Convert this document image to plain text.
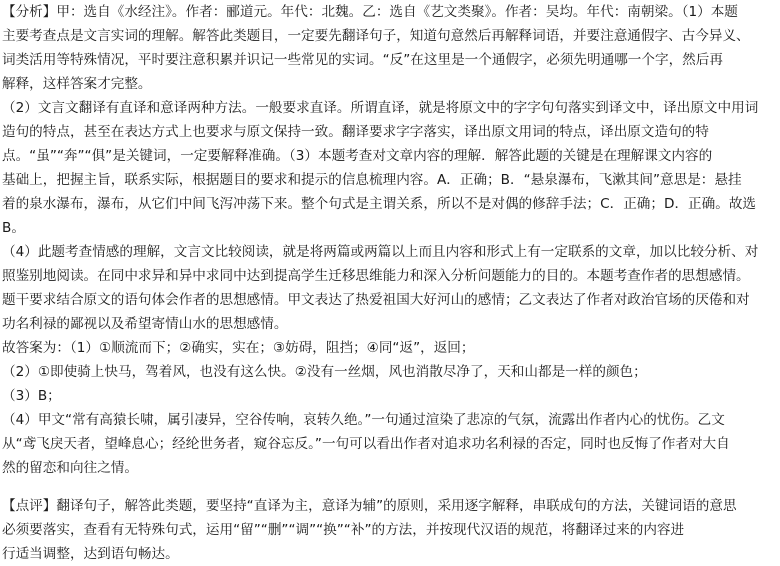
【分析】甲：选自《水经注》。作者：郦道元。年代：北魏。乙：选自《艺文类聚》。作者：吴均。年代：南朝梁。（1）本题
主要考查点是文言实词的理解。解答此类题目，一定要先翻译句子，知道句意然后再解释词语，并要注意通假字、古今异义、
词类活用等特殊情况，平时要注意积累并识记一些常见的实词。“反”在这里是一个通假字，必须先明通哪一个字，然后再
解释，这样答案才完整。
（2）文言文翻译有直译和意译两种方法。一般要求直译。所谓直译，就是将原文中的字字句句落实到译文中，译出原文中用词
造句的特点，甚至在表达方式上也要求与原文保持一致。翻译要求字字落实，译出原文用词的特点，译出原文造句的特
点。“虽”“奔”“俱”是关键词，一定要解释准确。（3）本题考查对文章内容的理解．解答此题的关键是在理解课文内容的
基础上，把握主旨，联系实际，根据题目的要求和提示的信息梳理内容。A．正确；B．“悬泉瀑布，飞漱其间”意思是：悬挂
着的泉水瀑布，瀑布，从它们中间飞泻冲荡下来。整个句式是主谓关系，所以不是对偶的修辞手法；C．正确；D．正确。故选
B。
（4）此题考查情感的理解，文言文比较阅读，就是将两篇或两篇以上而且内容和形式上有一定联系的文章，加以比较分析、对
照鉴别地阅读。在同中求异和异中求同中达到提高学生迁移思维能力和深入分析问题能力的目的。本题考查作者的思想感情。
题干要求结合原文的语句体会作者的思想感情。甲文表达了热爱祖国大好河山的感情；乙文表达了作者对政治官场的厌倦和对
功名利禄的鄙视以及希望寄情山水的思想感情。
故答案为：（1）①顺流而下；②确实，实在；③妨碍，阻挡；④同“返”，返回；
（2）①即使骑上快马，驾着风，也没有这么快。②没有一丝烟，风也消散尽净了，天和山都是一样的颜色；
（3）B；
（4）甲文“常有高猿长啸，属引凄异，空谷传响，哀转久绝。”一句通过渲染了悲凉的气氛，流露出作者内心的忧伤。乙文
从“鸢飞戾天者，望峰息心；经纶世务者，窥谷忘反。”一句可以看出作者对追求功名利禄的否定，同时也反悔了作者对大自
然的留恋和向往之情。
【点评】翻译句子，解答此类题，要坚持“直译为主，意译为辅”的原则，采用逐字解释，串联成句的方法，关键词语的意思
必须要落实，查看有无特殊句式，运用“留”“删”“调”“换”“补”的方法，并按现代汉语的规范，将翻译过来的内容进
行适当调整，达到语句畅达。
